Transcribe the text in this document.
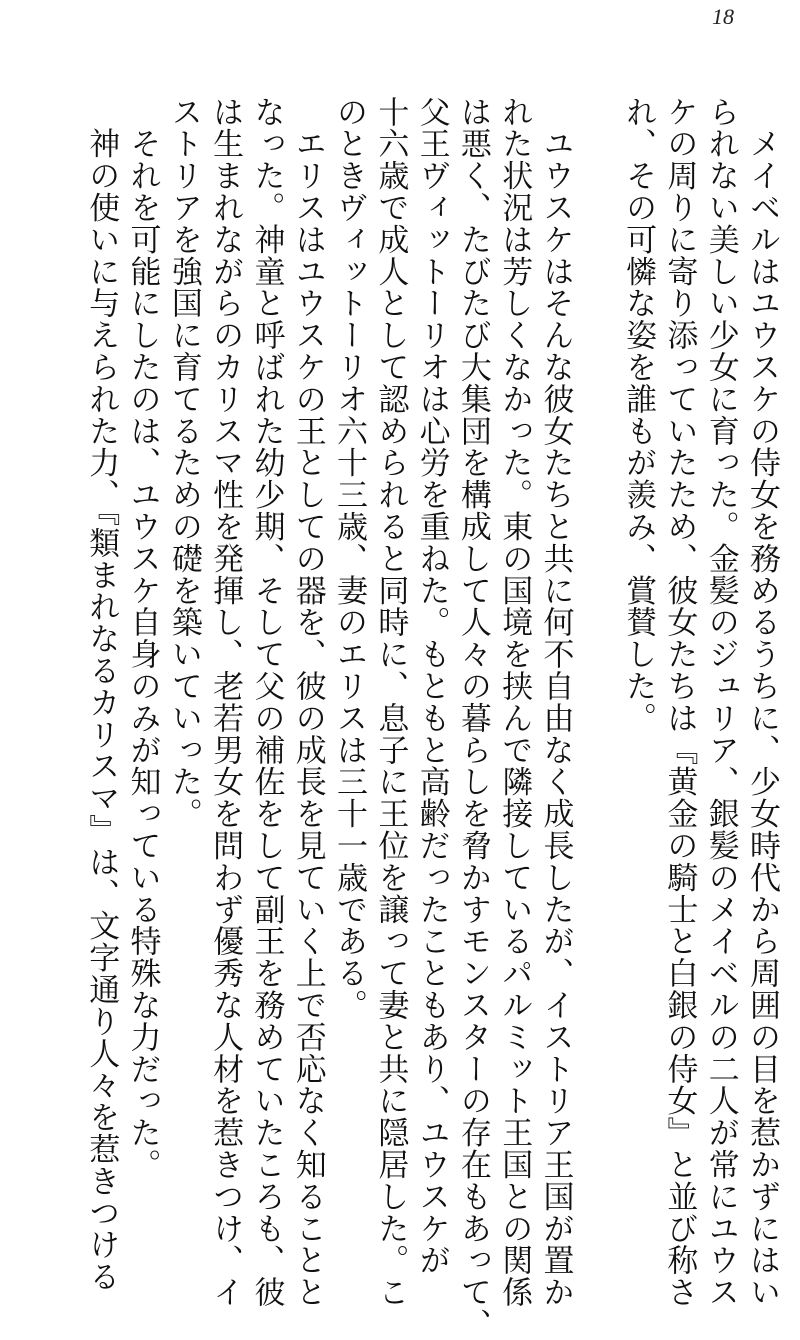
18

　メイベルはユウスケの侍女を務めるうちに、少女時代から周囲の目を惹かずにはい
られない美しい少女に育った。金髪のジュリア、銀髪のメイベルの二人が常にユウス
ケの周りに寄り添っていたため、彼女たちは『黄金の騎士と白銀の侍女』と並び称さ
れ、その可憐な姿を誰もが羨み、賞賛した。

　ユウスケはそんな彼女たちと共に何不自由なく成長したが、イストリア王国が置か
れた状況は芳しくなかった。東の国境を挟んで隣接しているパルミット王国との関係
は悪く、たびたび大集団を構成して人々の暮らしを脅かすモンスターの存在もあって、
父王ヴィットーリオは心労を重ねた。もともと高齢だったこともあり、ユウスケが
十六歳で成人として認められると同時に、息子に王位を譲って妻と共に隠居した。こ
のときヴィットーリオ六十三歳、妻のエリスは三十一歳である。
　エリスはユウスケの王としての器を、彼の成長を見ていく上で否応なく知ることと
なった。神童と呼ばれた幼少期、そして父の補佐をして副王を務めていたころも、彼
は生まれながらのカリスマ性を発揮し、老若男女を問わず優秀な人材を惹きつけ、イ
ストリアを強国に育てるための礎を築いていった。
　それを可能にしたのは、ユウスケ自身のみが知っている特殊な力だった。
　神の使いに与えられた力、『類まれなるカリスマ』は、文字通り人々を惹きつける
